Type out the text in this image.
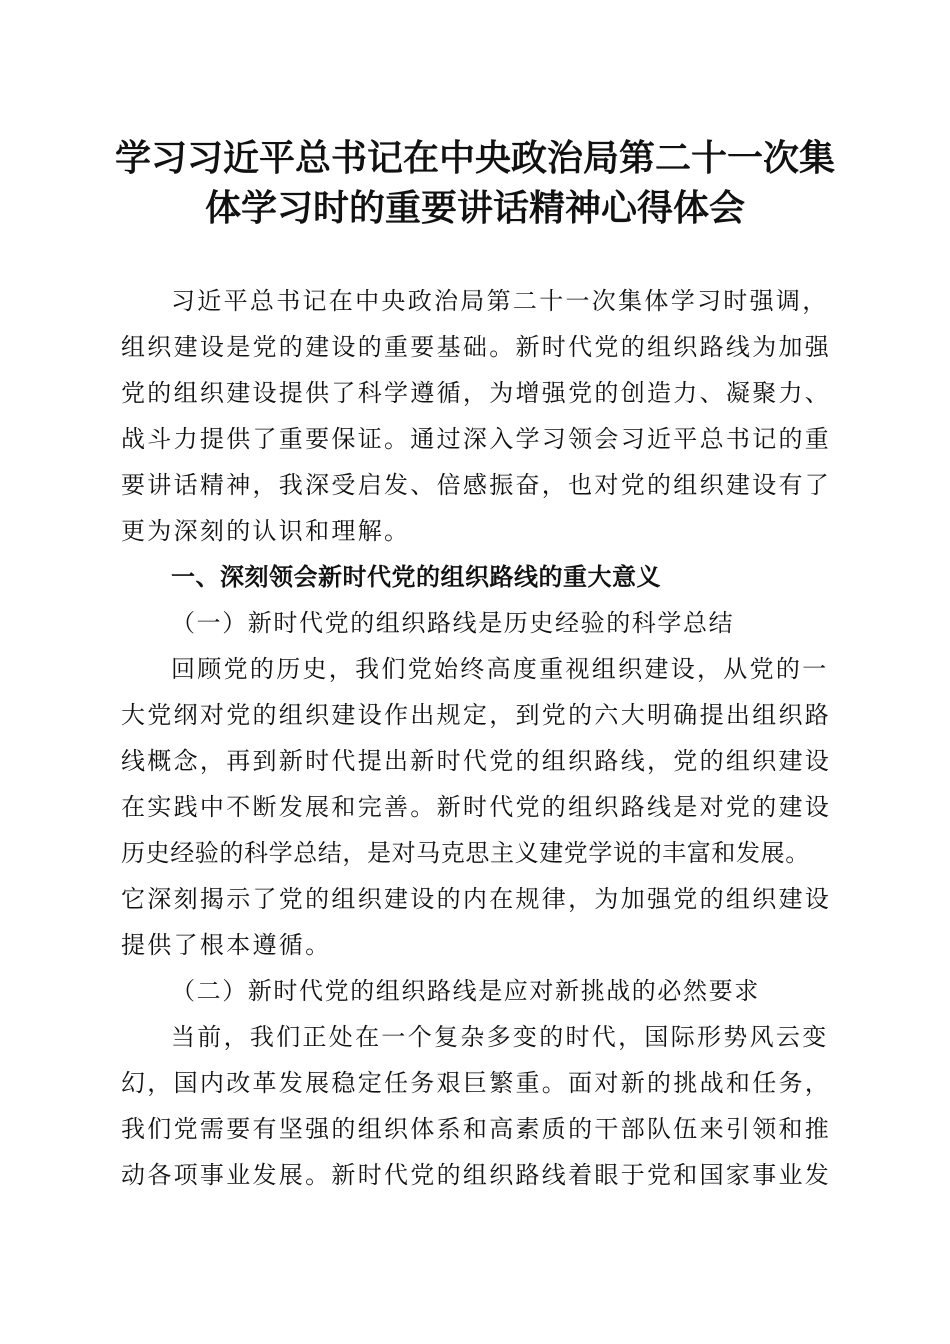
学习习近平总书记在中央政治局第二十一次集
体学习时的重要讲话精神心得体会
习近平总书记在中央政治局第二十一次集体学习时强调，
组织建设是党的建设的重要基础。新时代党的组织路线为加强
党的组织建设提供了科学遵循，为增强党的创造力、凝聚力、
战斗力提供了重要保证。通过深入学习领会习近平总书记的重
要讲话精神，我深受启发、倍感振奋，也对党的组织建设有了
更为深刻的认识和理解。
一、深刻领会新时代党的组织路线的重大意义
（一）新时代党的组织路线是历史经验的科学总结
回顾党的历史，我们党始终高度重视组织建设，从党的一
大党纲对党的组织建设作出规定，到党的六大明确提出组织路
线概念，再到新时代提出新时代党的组织路线，党的组织建设
在实践中不断发展和完善。新时代党的组织路线是对党的建设
历史经验的科学总结，是对马克思主义建党学说的丰富和发展。
它深刻揭示了党的组织建设的内在规律，为加强党的组织建设
提供了根本遵循。
（二）新时代党的组织路线是应对新挑战的必然要求
当前，我们正处在一个复杂多变的时代，国际形势风云变
幻，国内改革发展稳定任务艰巨繁重。面对新的挑战和任务，
我们党需要有坚强的组织体系和高素质的干部队伍来引领和推
动各项事业发展。新时代党的组织路线着眼于党和国家事业发
